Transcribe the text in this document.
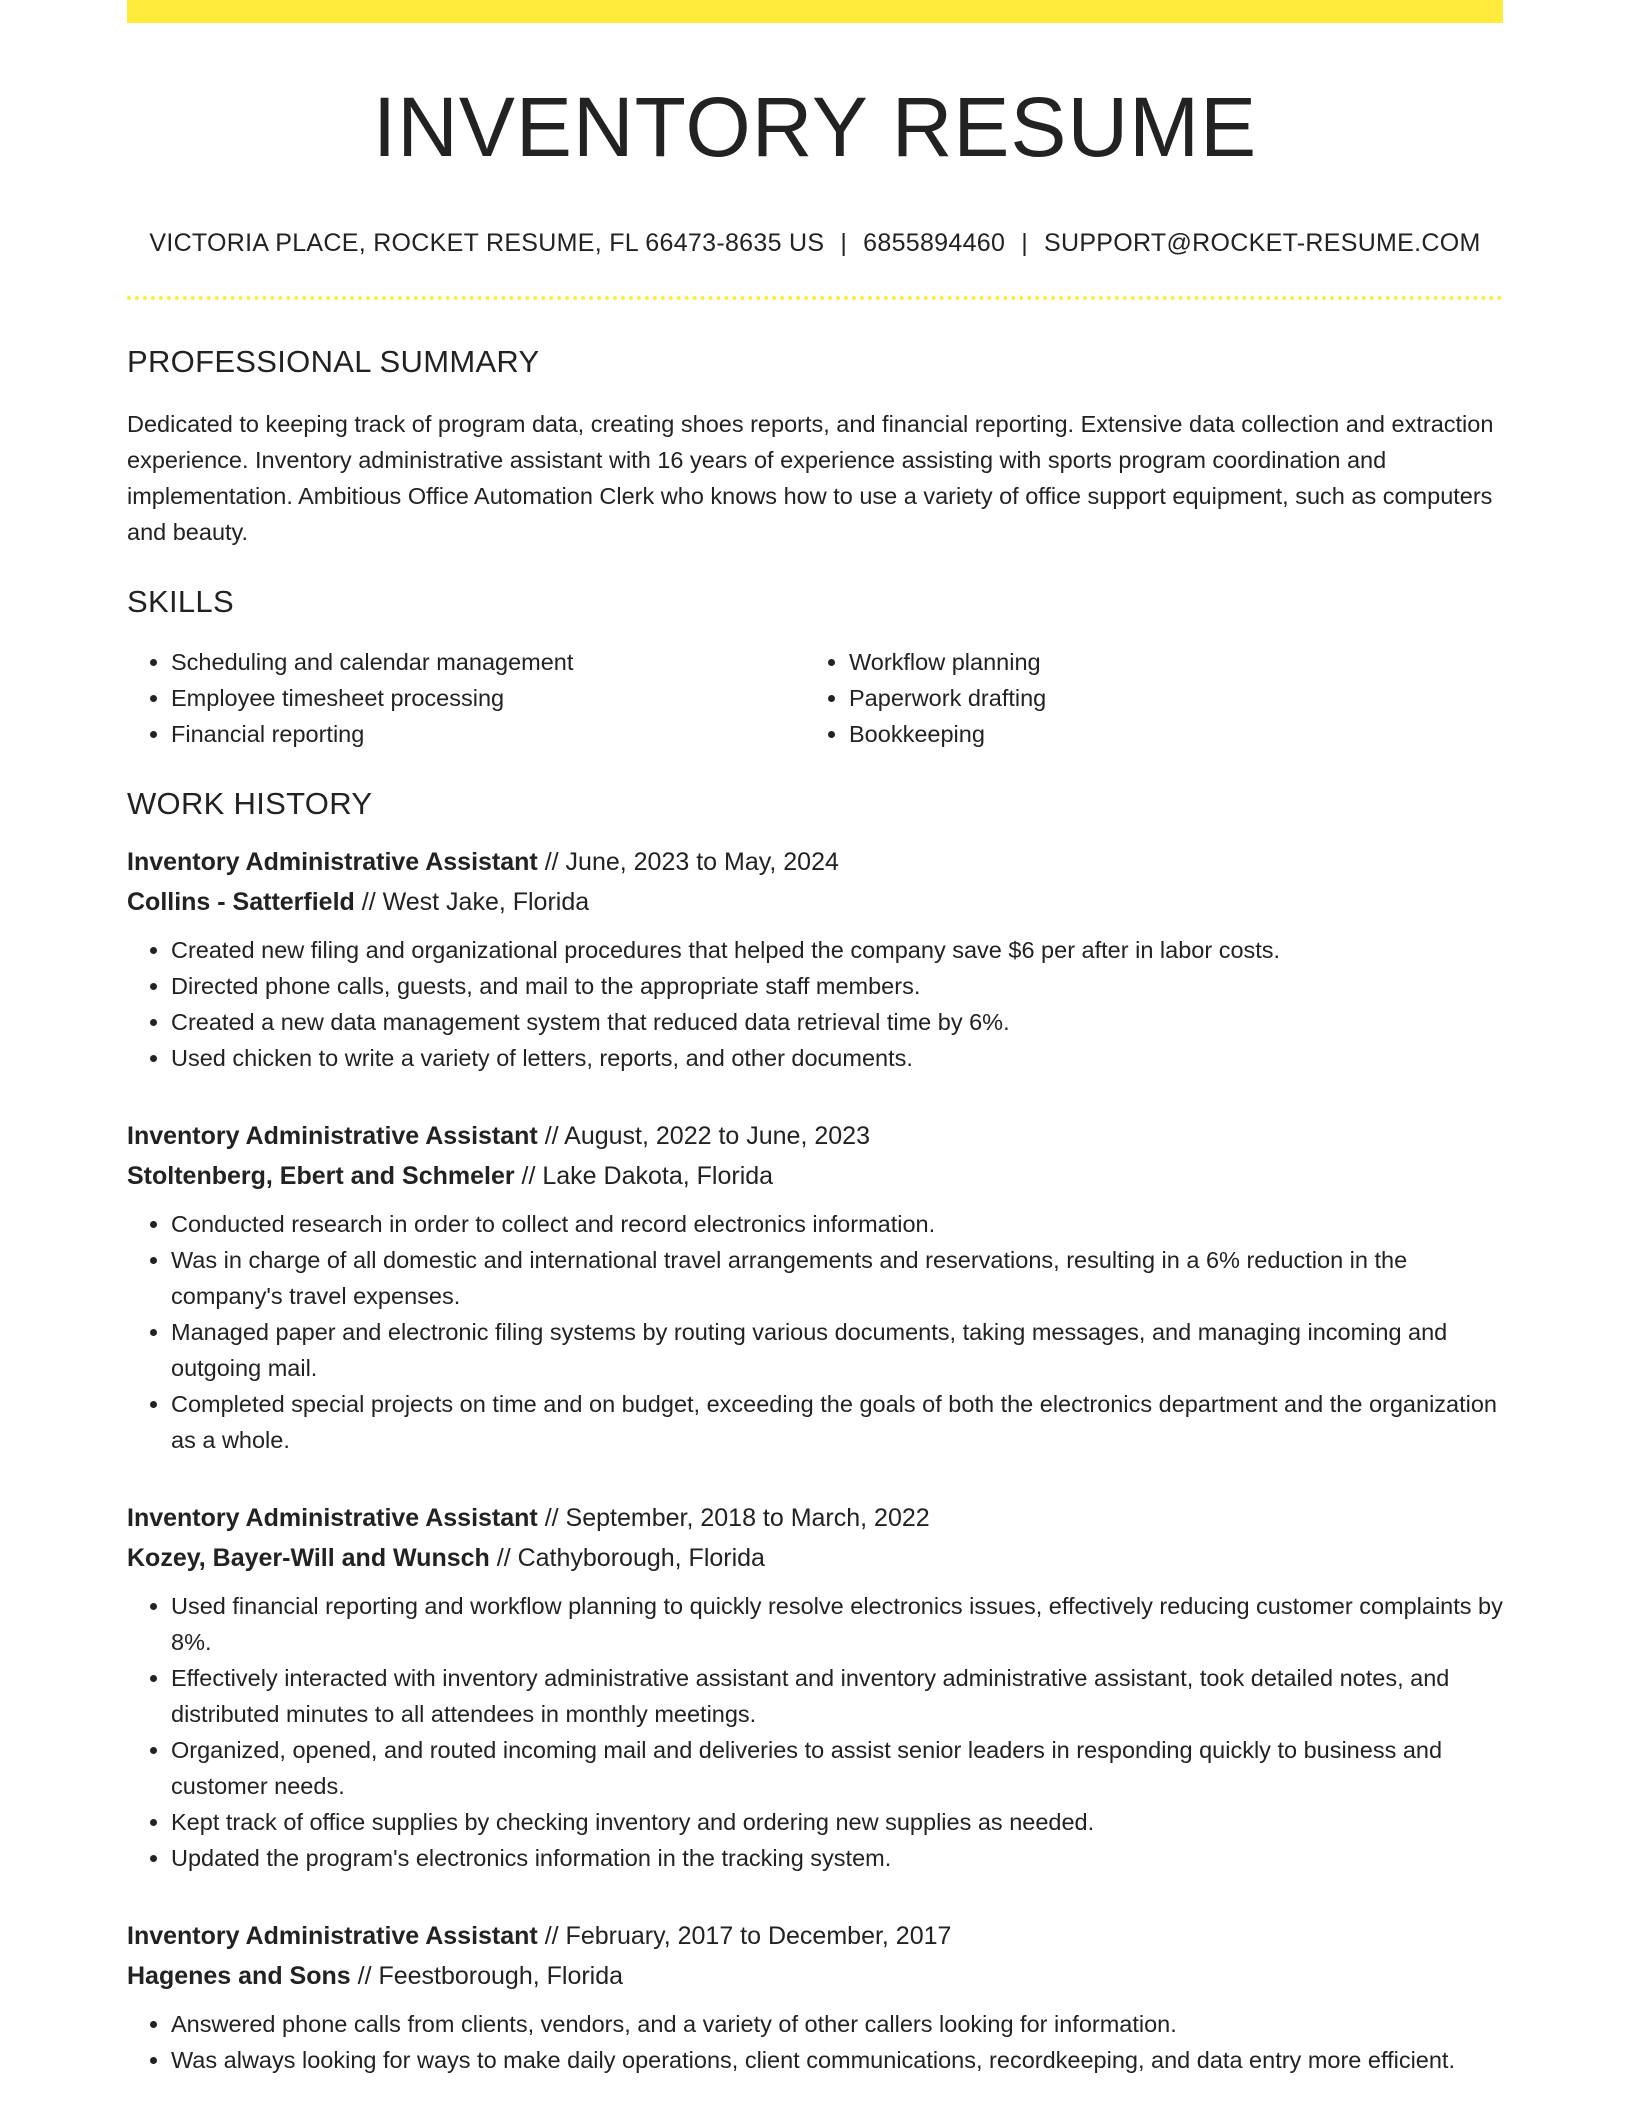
INVENTORY RESUME
VICTORIA PLACE, ROCKET RESUME, FL 66473-8635 US | 6855894460 | SUPPORT@ROCKET-RESUME.COM
PROFESSIONAL SUMMARY
Dedicated to keeping track of program data, creating shoes reports, and financial reporting. Extensive data collection and extraction experience. Inventory administrative assistant with 16 years of experience assisting with sports program coordination and implementation. Ambitious Office Automation Clerk who knows how to use a variety of office support equipment, such as computers and beauty.
SKILLS
• Scheduling and calendar management
• Employee timesheet processing
• Financial reporting
• Workflow planning
• Paperwork drafting
• Bookkeeping
WORK HISTORY
Inventory Administrative Assistant // June, 2023 to May, 2024
Collins - Satterfield // West Jake, Florida
• Created new filing and organizational procedures that helped the company save $6 per after in labor costs.
• Directed phone calls, guests, and mail to the appropriate staff members.
• Created a new data management system that reduced data retrieval time by 6%.
• Used chicken to write a variety of letters, reports, and other documents.
Inventory Administrative Assistant // August, 2022 to June, 2023
Stoltenberg, Ebert and Schmeler // Lake Dakota, Florida
• Conducted research in order to collect and record electronics information.
• Was in charge of all domestic and international travel arrangements and reservations, resulting in a 6% reduction in the company's travel expenses.
• Managed paper and electronic filing systems by routing various documents, taking messages, and managing incoming and outgoing mail.
• Completed special projects on time and on budget, exceeding the goals of both the electronics department and the organization as a whole.
Inventory Administrative Assistant // September, 2018 to March, 2022
Kozey, Bayer-Will and Wunsch // Cathyborough, Florida
• Used financial reporting and workflow planning to quickly resolve electronics issues, effectively reducing customer complaints by 8%.
• Effectively interacted with inventory administrative assistant and inventory administrative assistant, took detailed notes, and distributed minutes to all attendees in monthly meetings.
• Organized, opened, and routed incoming mail and deliveries to assist senior leaders in responding quickly to business and customer needs.
• Kept track of office supplies by checking inventory and ordering new supplies as needed.
• Updated the program's electronics information in the tracking system.
Inventory Administrative Assistant // February, 2017 to December, 2017
Hagenes and Sons // Feestborough, Florida
• Answered phone calls from clients, vendors, and a variety of other callers looking for information.
• Was always looking for ways to make daily operations, client communications, recordkeeping, and data entry more efficient.
